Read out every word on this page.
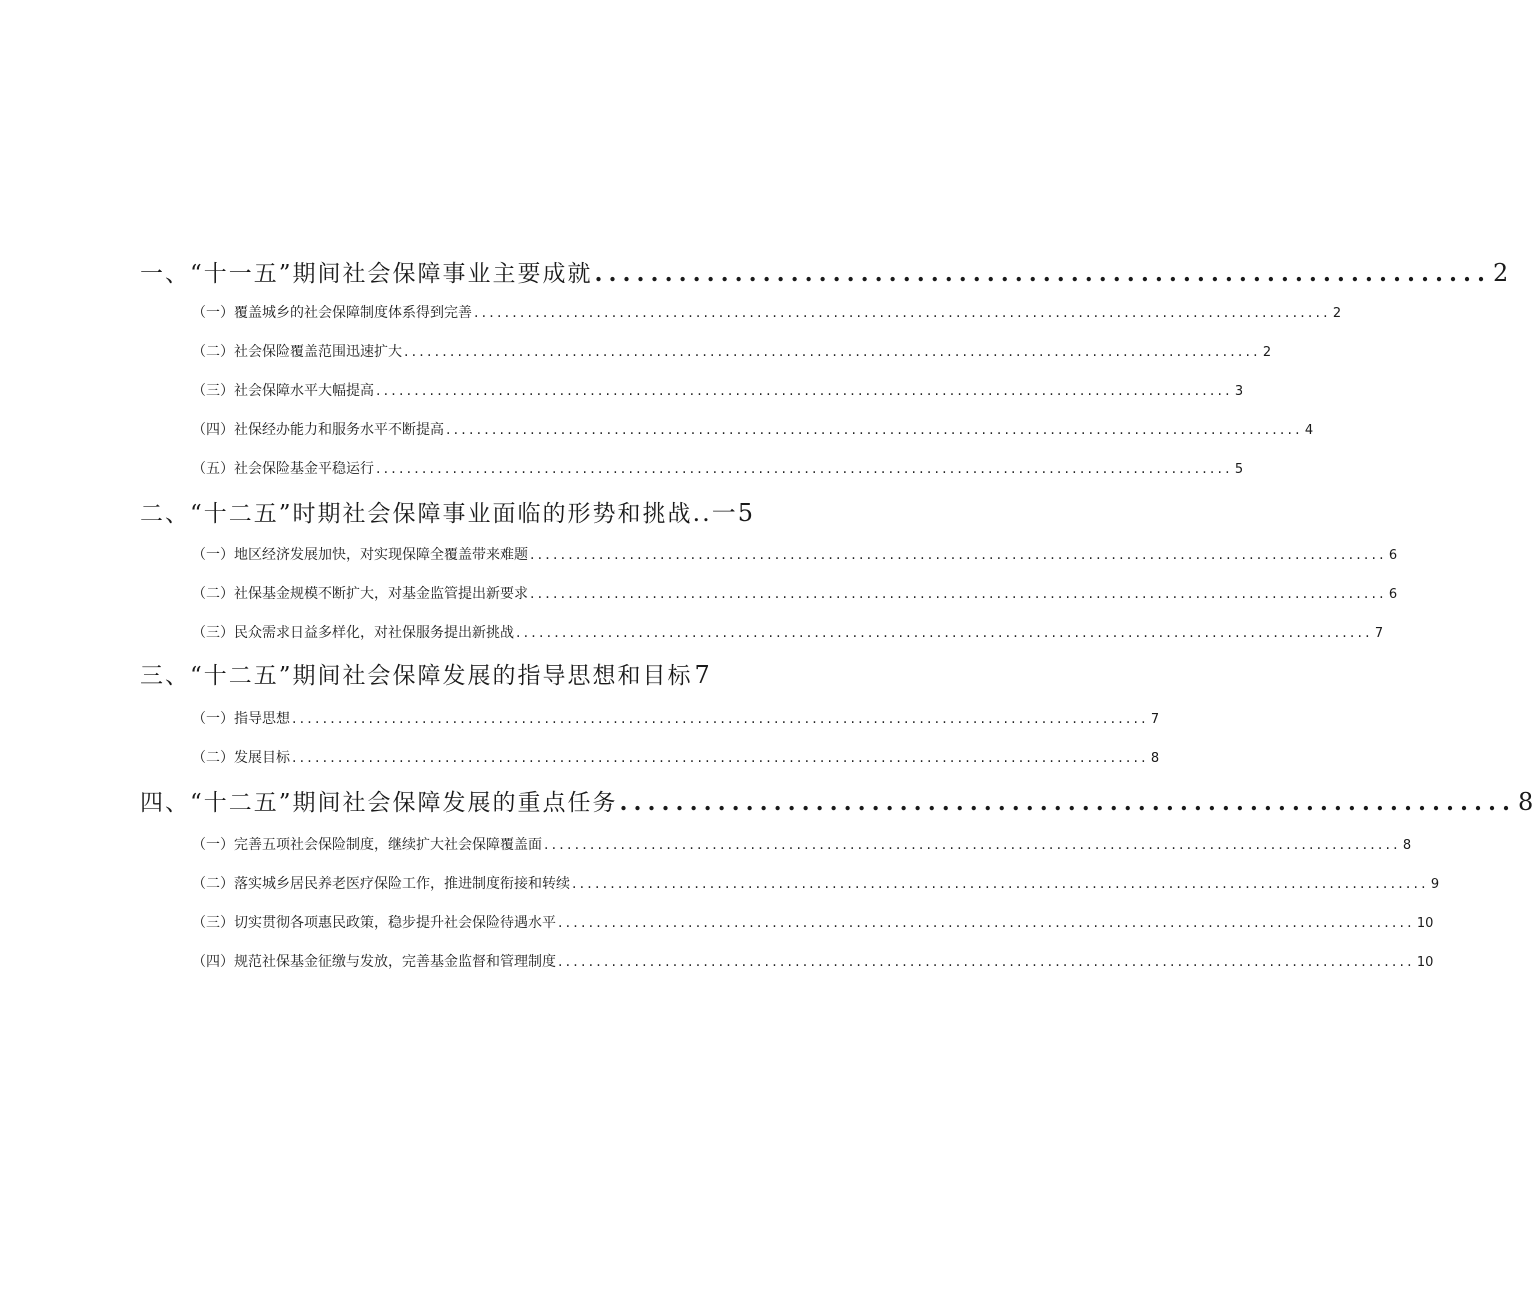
一、“十一五”期间社会保障事业主要成就 ................................................................ 2
（一）覆盖城乡的社会保障制度体系得到完善 ................................................................................................................ 2
（二）社会保险覆盖范围迅速扩大 ................................................................................................................ 2
（三）社会保障水平大幅提高 ................................................................................................................ 3
（四）社保经办能力和服务水平不断提高 ................................................................................................................ 4
（五）社会保险基金平稳运行 ................................................................................................................ 5
二、“十二五”时期社会保障事业面临的形势和挑战 ..一5
（一）地区经济发展加快，对实现保障全覆盖带来难题 ................................................................................................................ 6
（二）社保基金规模不断扩大，对基金监管提出新要求 ................................................................................................................ 6
（三）民众需求日益多样化，对社保服务提出新挑战 ................................................................................................................ 7
三、“十二五”期间社会保障发展的指导思想和目标 7
（一）指导思想 ................................................................................................................ 7
（二）发展目标 ................................................................................................................ 8
四、“十二五”期间社会保障发展的重点任务 ................................................................ 8
（一）完善五项社会保险制度，继续扩大社会保障覆盖面 ................................................................................................................ 8
（二）落实城乡居民养老医疗保险工作，推进制度衔接和转续 ................................................................................................................ 9
（三）切实贯彻各项惠民政策，稳步提升社会保险待遇水平 ................................................................................................................ 10
（四）规范社保基金征缴与发放，完善基金监督和管理制度 ................................................................................................................ 10
